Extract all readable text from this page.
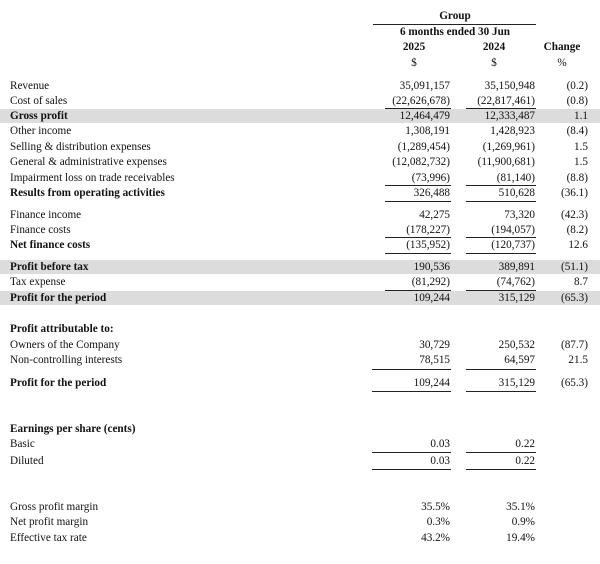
Group
6 months ended 30 Jun
2025	2024	Change
$	$	%
Revenue	35,091,157	35,150,948	(0.2)
Cost of sales	(22,626,678) (22,817,461)	(0.8)
Gross profit	12,464,479	12,333,487	1.1
Other income	1,308,191	1,428,923	(8.4)
Selling & distribution expenses	(1,289,454)	(1,269,961)	1.5
General & administrative expenses	(12,082,732) (11,900,681)	1.5
Impairment loss on trade receivables	(73,996)	(81,140)	(8.8)
Results from operating activities	326,488	510,628 (36.1)
Finance income	42,275	73,320 (42.3)
Finance costs	(178,227)	(194,057)	(8.2)
Net finance costs	(135,952)	(120,737)	12.6
Profit before tax	190,536	389,891 (51.1)
Tax expense	(81,292)	(74,762)	8.7
Profit for the period	109,244	315,129 (65.3)
Profit attributable to:
Owners of the Company	30,729	250,532 (87.7)
Non-controlling interests	78,515	64,597	21.5
Profit for the period	109,244	315,129 (65.3)
Earnings per share (cents)
Basic	0.03	0.22
Diluted	0.03	0.22
Gross profit margin	35.5%	35.1%
Net profit margin	0.3%	0.9%
Effective tax rate	43.2%	19.4%
